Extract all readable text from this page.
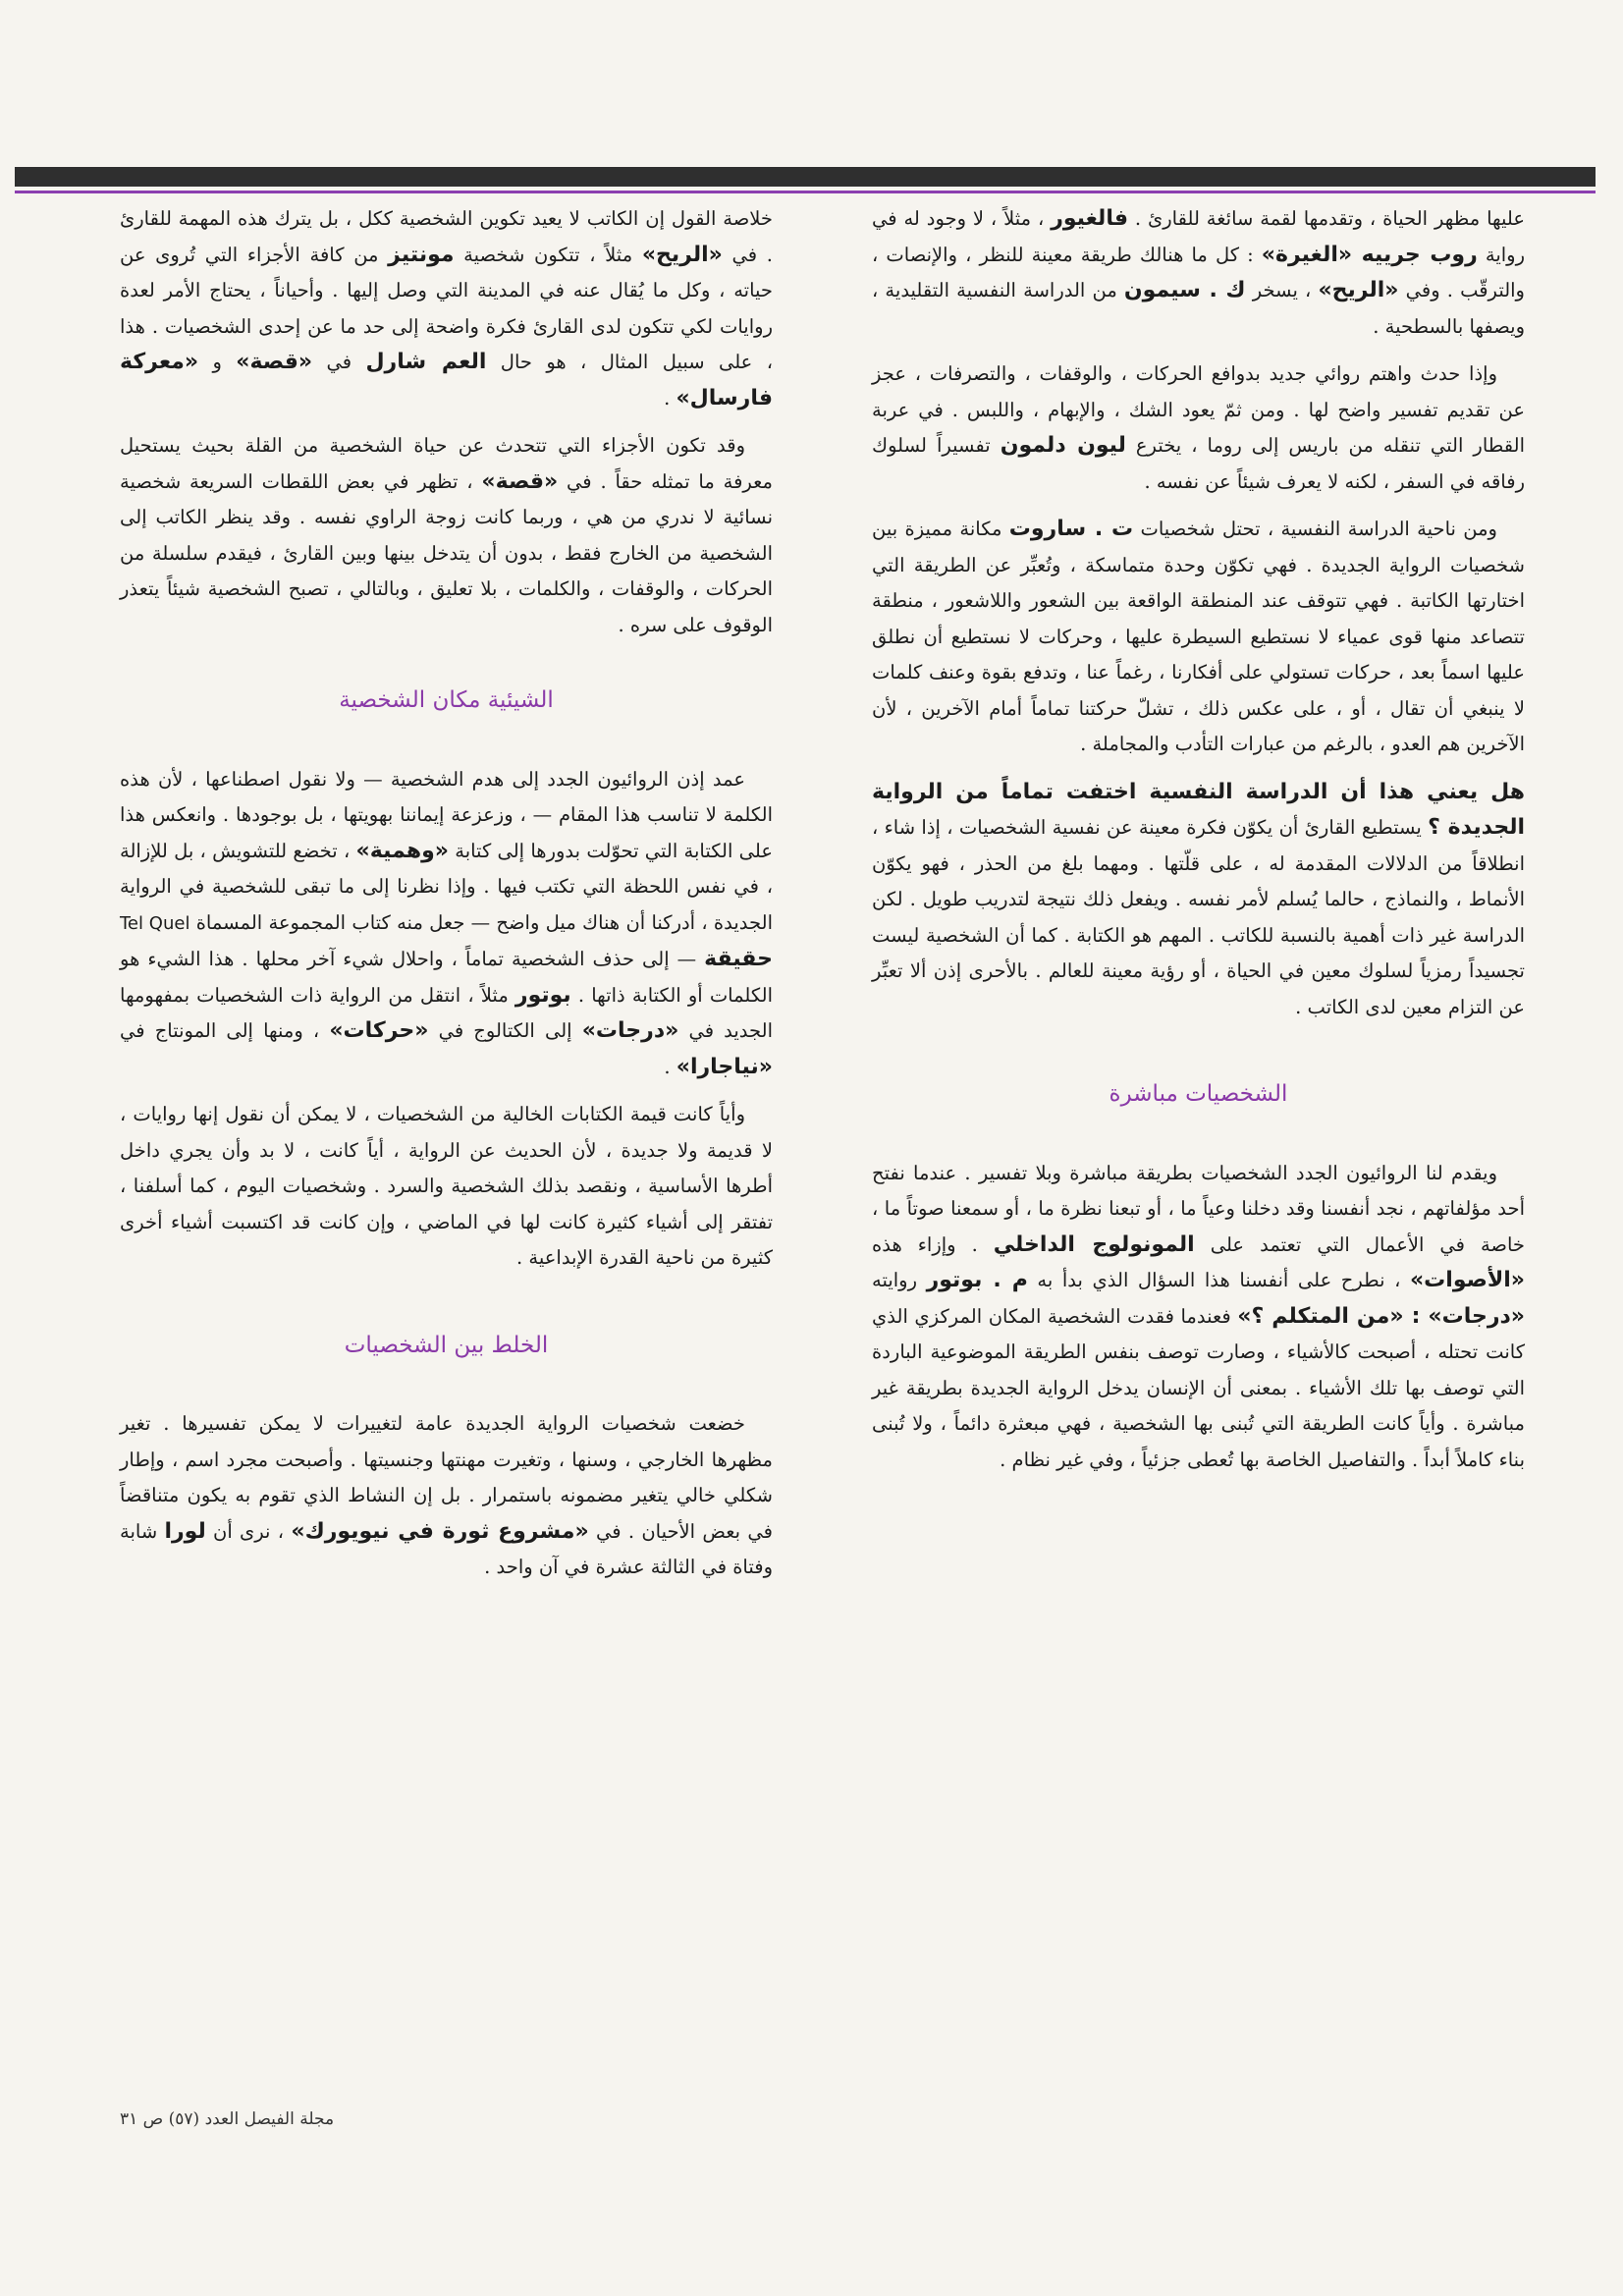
عليها مظهر الحياة ، وتقدمها لقمة سائغة للقارئ . فالغيور ، مثلاً ، لا وجود له في رواية روب جرييه «الغيرة» : كل ما هنالك طريقة معينة للنظر ، والإنصات ، والترقّب . وفي «الريح» ، يسخر ك . سيمون من الدراسة النفسية التقليدية ، ويصفها بالسطحية .

وإذا حدث واهتم روائي جديد بدوافع الحركات ، والوقفات ، والتصرفات ، عجز عن تقديم تفسير واضح لها . ومن ثمّ يعود الشك ، والإبهام ، واللبس . في عربة القطار التي تنقله من باريس إلى روما ، يخترع ليون دلمون تفسيراً لسلوك رفاقه في السفر ، لكنه لا يعرف شيئاً عن نفسه .

ومن ناحية الدراسة النفسية ، تحتل شخصيات ت . ساروت مكانة مميزة بين شخصيات الرواية الجديدة . فهي تكوّن وحدة متماسكة ، وتُعبِّر عن الطريقة التي اختارتها الكاتبة . فهي تتوقف عند المنطقة الواقعة بين الشعور واللاشعور ، منطقة تتصاعد منها قوى عمياء لا نستطيع السيطرة عليها ، وحركات لا نستطيع أن نطلق عليها اسماً بعد ، حركات تستولي على أفكارنا ، رغماً عنا ، وتدفع بقوة وعنف كلمات لا ينبغي أن تقال ، أو ، على عكس ذلك ، تشلّ حركتنا تماماً أمام الآخرين ، لأن الآخرين هم العدو ، بالرغم من عبارات التأدب والمجاملة .

هل يعني هذا أن الدراسة النفسية اختفت تماماً من الرواية الجديدة ؟ يستطيع القارئ أن يكوّن فكرة معينة عن نفسية الشخصيات ، إذا شاء ، انطلاقاً من الدلالات المقدمة له ، على قلّتها . ومهما بلغ من الحذر ، فهو يكوّن الأنماط ، والنماذج ، حالما يُسلم لأمر نفسه . ويفعل ذلك نتيجة لتدريب طويل . لكن الدراسة غير ذات أهمية بالنسبة للكاتب . المهم هو الكتابة . كما أن الشخصية ليست تجسيداً رمزياً لسلوك معين في الحياة ، أو رؤية معينة للعالم . بالأحرى إذن ألا تعبِّر عن التزام معين لدى الكاتب .

الشخصيات مباشرة

ويقدم لنا الروائيون الجدد الشخصيات بطريقة مباشرة وبلا تفسير . عندما نفتح أحد مؤلفاتهم ، نجد أنفسنا وقد دخلنا وعياً ما ، أو تبعنا نظرة ما ، أو سمعنا صوتاً ما ، خاصة في الأعمال التي تعتمد على المونولوج الداخلي . وإزاء هذه «الأصوات» ، نطرح على أنفسنا هذا السؤال الذي بدأ به م . بوتور روايته «درجات» : «من المتكلم ؟» فعندما فقدت الشخصية المكان المركزي الذي كانت تحتله ، أصبحت كالأشياء ، وصارت توصف بنفس الطريقة الموضوعية الباردة التي توصف بها تلك الأشياء . بمعنى أن الإنسان يدخل الرواية الجديدة بطريقة غير مباشرة . وأياً كانت الطريقة التي تُبنى بها الشخصية ، فهي مبعثرة دائماً ، ولا تُبنى بناء كاملاً أبداً . والتفاصيل الخاصة بها تُعطى جزئياً ، وفي غير نظام .

خلاصة القول إن الكاتب لا يعيد تكوين الشخصية ككل ، بل يترك هذه المهمة للقارئ . في «الريح» مثلاً ، تتكون شخصية مونتيز من كافة الأجزاء التي تُروى عن حياته ، وكل ما يُقال عنه في المدينة التي وصل إليها . وأحياناً ، يحتاج الأمر لعدة روايات لكي تتكون لدى القارئ فكرة واضحة إلى حد ما عن إحدى الشخصيات . هذا ، على سبيل المثال ، هو حال العم شارل في «قصة» و «معركة فارسال» .

وقد تكون الأجزاء التي تتحدث عن حياة الشخصية من القلة بحيث يستحيل معرفة ما تمثله حقاً . في «قصة» ، تظهر في بعض اللقطات السريعة شخصية نسائية لا ندري من هي ، وربما كانت زوجة الراوي نفسه . وقد ينظر الكاتب إلى الشخصية من الخارج فقط ، بدون أن يتدخل بينها وبين القارئ ، فيقدم سلسلة من الحركات ، والوقفات ، والكلمات ، بلا تعليق ، وبالتالي ، تصبح الشخصية شيئاً يتعذر الوقوف على سره .

الشيئية مكان الشخصية

عمد إذن الروائيون الجدد إلى هدم الشخصية — ولا نقول اصطناعها ، لأن هذه الكلمة لا تناسب هذا المقام — ، وزعزعة إيماننا بهويتها ، بل بوجودها . وانعكس هذا على الكتابة التي تحوّلت بدورها إلى كتابة «وهمية» ، تخضع للتشويش ، بل للإزالة ، في نفس اللحظة التي تكتب فيها . وإذا نظرنا إلى ما تبقى للشخصية في الرواية الجديدة ، أدركنا أن هناك ميل واضح — جعل منه كتاب المجموعة المسماة Tel Quel حقيقة — إلى حذف الشخصية تماماً ، واحلال شيء آخر محلها . هذا الشيء هو الكلمات أو الكتابة ذاتها . بوتور مثلاً ، انتقل من الرواية ذات الشخصيات بمفهومها الجديد في «درجات» إلى الكتالوج في «حركات» ، ومنها إلى المونتاج في «نياجارا» .

وأياً كانت قيمة الكتابات الخالية من الشخصيات ، لا يمكن أن نقول إنها روايات ، لا قديمة ولا جديدة ، لأن الحديث عن الرواية ، أياً كانت ، لا بد وأن يجري داخل أطرها الأساسية ، ونقصد بذلك الشخصية والسرد . وشخصيات اليوم ، كما أسلفنا ، تفتقر إلى أشياء كثيرة كانت لها في الماضي ، وإن كانت قد اكتسبت أشياء أخرى كثيرة من ناحية القدرة الإبداعية .

الخلط بين الشخصيات

خضعت شخصيات الرواية الجديدة عامة لتغييرات لا يمكن تفسيرها . تغير مظهرها الخارجي ، وسنها ، وتغيرت مهنتها وجنسيتها . وأصبحت مجرد اسم ، وإطار شكلي خالي يتغير مضمونه باستمرار . بل إن النشاط الذي تقوم به يكون متناقضاً في بعض الأحيان . في «مشروع ثورة في نيويورك» ، نرى أن لورا شابة وفتاة في الثالثة عشرة في آن واحد .

مجلة الفيصل العدد (٥٧) ص ٣١
